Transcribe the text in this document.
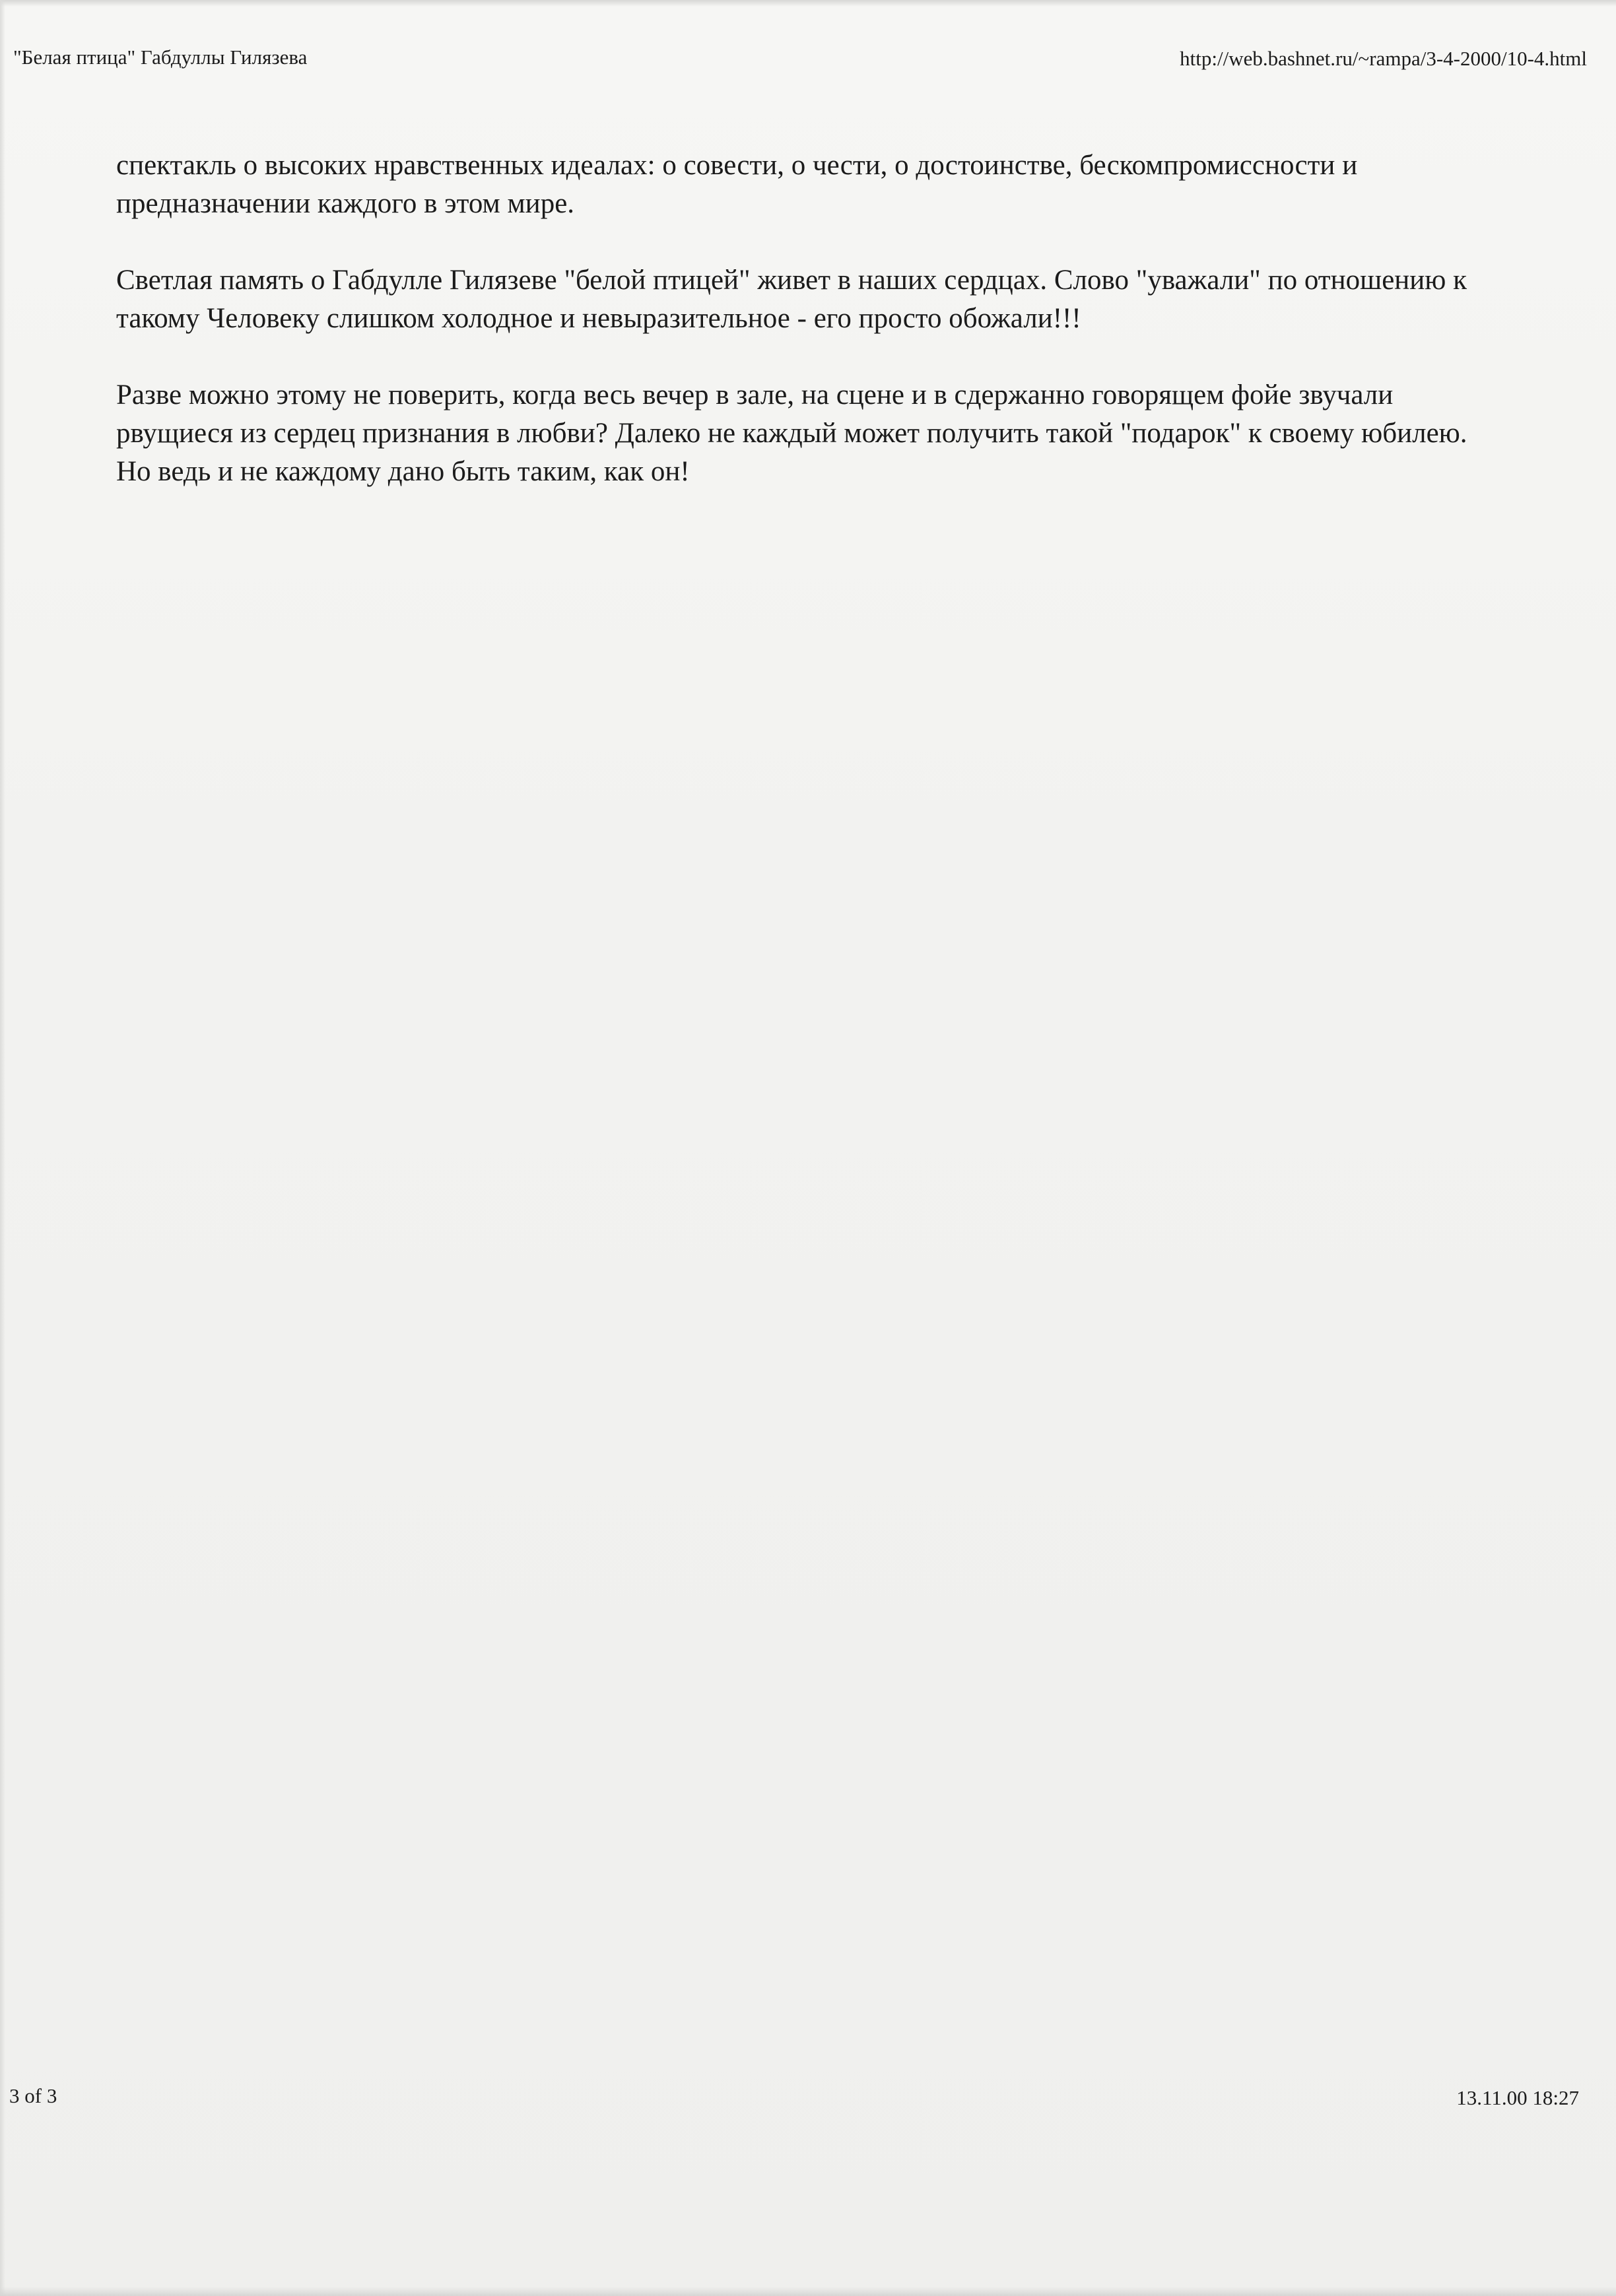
"Белая птица" Габдуллы Гилязева	http://web.bashnet.ru/~rampa/3-4-2000/10-4.html

спектакль о высоких нравственных идеалах: о совести, о чести, о достоинстве, бескомпромиссности и предназначении каждого в этом мире.

Светлая память о Габдулле Гилязеве "белой птицей" живет в наших сердцах. Слово "уважали" по отношению к такому Человеку слишком холодное и невыразительное - его просто обожали!!!

Разве можно этому не поверить, когда весь вечер в зале, на сцене и в сдержанно говорящем фойе звучали рвущиеся из сердец признания в любви? Далеко не каждый может получить такой "подарок" к своему юбилею. Но ведь и не каждому дано быть таким, как он!

3 of 3	13.11.00 18:27
